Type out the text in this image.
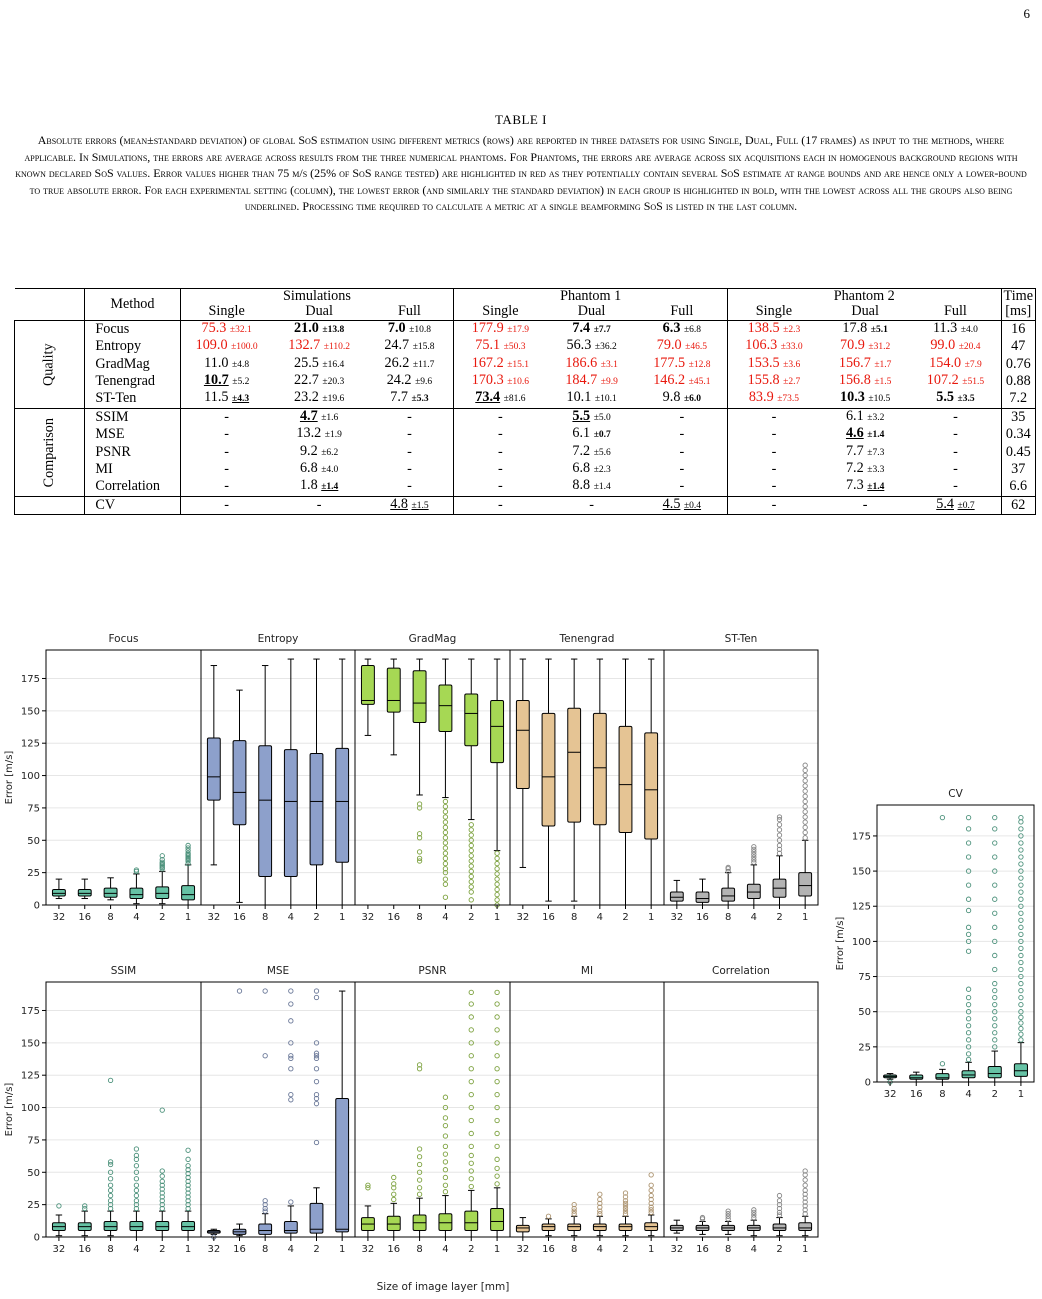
6
TABLE I
Absolute errors (mean±standard deviation) of global SoS estimation using different metrics (rows) are reported in three datasets for using Single, Dual, Full (17 frames) as input to the methods, where applicable. In Simulations, the errors are average across results from the three numerical phantoms. For Phantoms, the errors are average across six acquisitions each in homogenous background regions with known declared SoS values. Error values higher than 75 m/s (25% of SoS range tested) are highlighted in red as they potentially contain several SoS estimate at range bounds and are hence only a lower-bound to true absolute error. For each experimental setting (column), the lowest error (and similarly the standard deviation) in each group is highlighted in bold, with the lowest across all the groups also being underlined. Processing time required to calculate a metric at a single beamforming SoS is listed in the last column.
	Method	Simulations			Phantom 1			Phantom 2			Time
		Single	Dual	Full	Single	Dual	Full	Single	Dual	Full	[ms]
Quality	Focus	75.3 ±32.1	21.0 ±13.8	7.0 ±10.8	177.9 ±17.9	7.4 ±7.7	6.3 ±6.8	138.5 ±2.3	17.8 ±5.1	11.3 ±4.0	16
	Entropy	109.0 ±100.0	132.7 ±110.2	24.7 ±15.8	75.1 ±50.3	56.3 ±36.2	79.0 ±46.5	106.3 ±33.0	70.9 ±31.2	99.0 ±20.4	47
	GradMag	11.0 ±4.8	25.5 ±16.4	26.2 ±11.7	167.2 ±15.1	186.6 ±3.1	177.5 ±12.8	153.5 ±3.6	156.7 ±1.7	154.0 ±7.9	0.76
	Tenengrad	10.7 ±5.2	22.7 ±20.3	24.2 ±9.6	170.3 ±10.6	184.7 ±9.9	146.2 ±45.1	155.8 ±2.7	156.8 ±1.5	107.2 ±51.5	0.88
	ST-Ten	11.5 ±4.3	23.2 ±19.6	7.7 ±5.3	73.4 ±81.6	10.1 ±10.1	9.8 ±6.0	83.9 ±73.5	10.3 ±10.5	5.5 ±3.5	7.2
Comparison	SSIM	-	4.7 ±1.6	-	-	5.5 ±5.0	-	-	6.1 ±3.2	-	35
	MSE	-	13.2 ±1.9	-	-	6.1 ±0.7	-	-	4.6 ±1.4	-	0.34
	PSNR	-	9.2 ±6.2	-	-	7.2 ±5.6	-	-	7.7 ±7.3	-	0.45
	MI	-	6.8 ±4.0	-	-	6.8 ±2.3	-	-	7.2 ±3.3	-	37
	Correlation	-	1.8 ±1.4	-	-	8.8 ±1.4	-	-	7.3 ±1.4	-	6.6
	CV	-	-	4.8 ±1.5	-	-	4.5 ±0.4	-	-	5.4 ±0.7	62
Focus
32 16 8 4 2 1
0
25
50
75
100
125
150
175
Error [m/s]
Entropy
32 16 8 4 2 1
GradMag
32 16 8 4 2 1
Tenengrad
32 16 8 4 2 1
ST-Ten
32 16 8 4 2 1
SSIM
32 16 8 4 2 1
0
25
50
75
100
125
150
175
Error [m/s]
MSE
32 16 8 4 2 1
PSNR
32 16 8 4 2 1
MI
32 16 8 4 2 1
Correlation
32 16 8 4 2 1
CV
32 16 8 4 2 1
0
25
50
75
100
125
150
175
Error [m/s]
Size of image layer [mm]
